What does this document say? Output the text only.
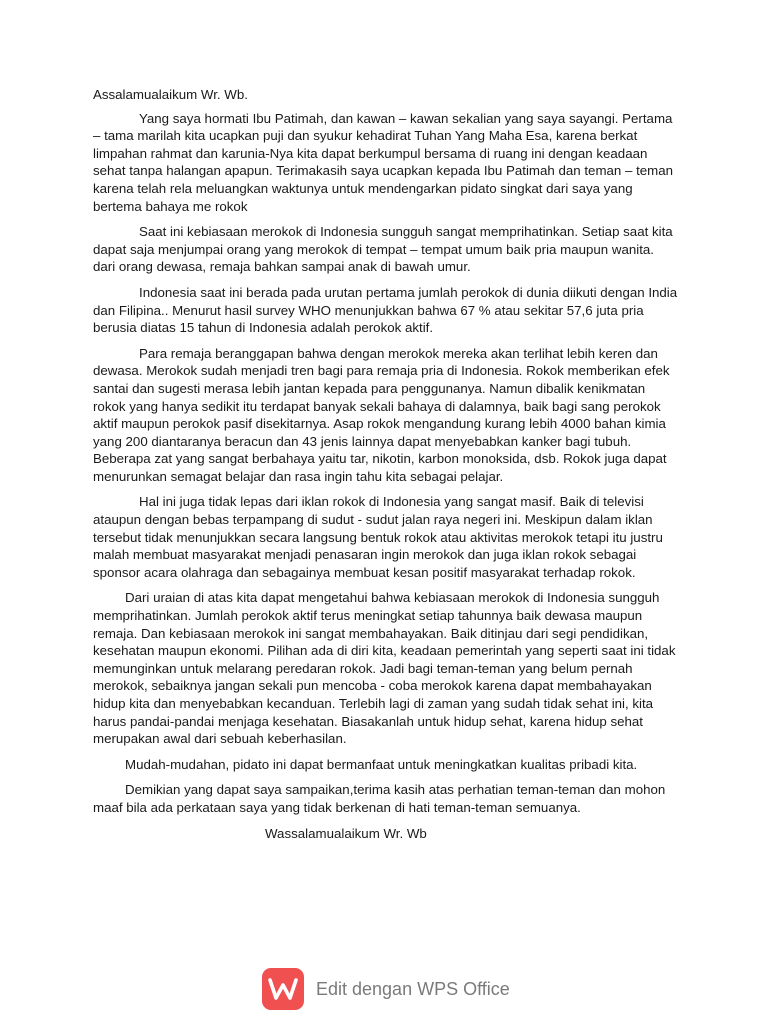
Assalamualaikum Wr. Wb.

Yang saya hormati Ibu Patimah, dan kawan – kawan sekalian yang saya sayangi. Pertama – tama marilah kita ucapkan puji dan syukur kehadirat Tuhan Yang Maha Esa, karena berkat limpahan rahmat dan karunia-Nya kita dapat berkumpul bersama di ruang ini dengan keadaan sehat tanpa halangan apapun. Terimakasih saya ucapkan kepada Ibu Patimah dan teman – teman karena telah rela meluangkan waktunya untuk mendengarkan pidato singkat dari saya yang bertema bahaya me rokok

Saat ini kebiasaan merokok di Indonesia sungguh sangat memprihatinkan. Setiap saat kita dapat saja menjumpai orang yang merokok di tempat – tempat umum baik pria maupun wanita. dari orang dewasa, remaja bahkan sampai anak di bawah umur.

Indonesia saat ini berada pada urutan pertama jumlah perokok di dunia diikuti dengan India dan Filipina.. Menurut hasil survey WHO menunjukkan bahwa 67 % atau sekitar 57,6 juta pria berusia diatas 15 tahun di Indonesia adalah perokok aktif.

Para remaja beranggapan bahwa dengan merokok mereka akan terlihat lebih keren dan dewasa. Merokok sudah menjadi tren bagi para remaja pria di Indonesia. Rokok memberikan efek santai dan sugesti merasa lebih jantan kepada para penggunanya. Namun dibalik kenikmatan rokok yang hanya sedikit itu terdapat banyak sekali bahaya di dalamnya, baik bagi sang perokok aktif maupun perokok pasif disekitarnya. Asap rokok mengandung kurang lebih 4000 bahan kimia yang 200 diantaranya beracun dan 43 jenis lainnya dapat menyebabkan kanker bagi tubuh. Beberapa zat yang sangat berbahaya yaitu tar, nikotin, karbon monoksida, dsb. Rokok juga dapat menurunkan semagat belajar dan rasa ingin tahu kita sebagai pelajar.

Hal ini juga tidak lepas dari iklan rokok di Indonesia yang sangat masif. Baik di televisi ataupun dengan bebas terpampang di sudut - sudut jalan raya negeri ini. Meskipun dalam iklan tersebut tidak menunjukkan secara langsung bentuk rokok atau aktivitas merokok tetapi itu justru malah membuat masyarakat menjadi penasaran ingin merokok dan juga iklan rokok sebagai sponsor acara olahraga dan sebagainya membuat kesan positif masyarakat terhadap rokok.

Dari uraian di atas kita dapat mengetahui bahwa kebiasaan merokok di Indonesia sungguh memprihatinkan. Jumlah perokok aktif terus meningkat setiap tahunnya baik dewasa maupun remaja. Dan kebiasaan merokok ini sangat membahayakan. Baik ditinjau dari segi pendidikan, kesehatan maupun ekonomi. Pilihan ada di diri kita, keadaan pemerintah yang seperti saat ini tidak memunginkan untuk melarang peredaran rokok. Jadi bagi teman-teman yang belum pernah merokok, sebaiknya jangan sekali pun mencoba - coba merokok karena dapat membahayakan hidup kita dan menyebabkan kecanduan. Terlebih lagi di zaman yang sudah tidak sehat ini, kita harus pandai-pandai menjaga kesehatan. Biasakanlah untuk hidup sehat, karena hidup sehat merupakan awal dari sebuah keberhasilan.

Mudah-mudahan, pidato ini dapat bermanfaat untuk meningkatkan kualitas pribadi kita.

Demikian yang dapat saya sampaikan,terima kasih atas perhatian teman-teman dan mohon maaf bila ada perkataan saya yang tidak berkenan di hati teman-teman semuanya.

Wassalamualaikum Wr. Wb

Edit dengan WPS Office
